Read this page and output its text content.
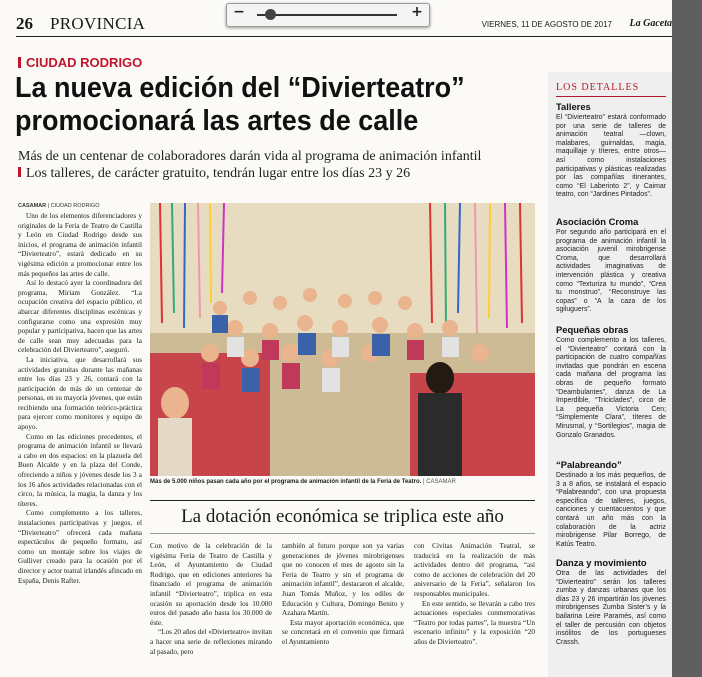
26 PROVINCIA	VIERNES, 11 DE AGOSTO DE 2017 La Gaceta
CIUDAD RODRIGO
La nueva edición del “Divierteatro” promocionará las artes de calle
Más de un centenar de colaboradores darán vida al programa de animación infantil
Los talleres, de carácter gratuito, tendrán lugar entre los días 23 y 26
CASAMAR | CIUDAD RODRIGO

Uno de los elementos diferenciadores y originales de la Feria de Teatro de Castilla y León en Ciudad Rodrigo desde sus inicios, el programa de animación infantil “Divierteatro”, estará dedicado en su vigésima edición a promocionar entre los más pequeños las artes de calle.

Así lo destacó ayer la coordinadora del programa, Miriam González. “La ocupación creativa del espacio público, el abarcar diferentes disciplinas escénicas y configurarse como una expresión muy popular y participativa, hacen que las artes de calle sean muy adecuadas para la celebración del Divierteatro”, aseguró.

La iniciativa, que desarrollará sus actividades gratuitas durante las mañanas entre los días 23 y 26, contará con la participación de más de un centenar de personas, en su mayoría jóvenes, que están recibiendo una formación teórico-práctica para ejercer como monitores y equipo de apoyo.

Como en las ediciones precedentes, el programa de animación infantil se llevará a cabo en dos espacios: en la plazuela del Buen Alcalde y en la plaza del Conde, ofreciendo a niños y jóvenes desde los 3 a los 16 años actividades relacionadas con el circo, la música, la magia, la danza y los títeres.

Como complemento a los talleres, instalaciones participativas y juegos, el “Divierteatro” ofrecerá cada mañana espectáculos de pequeño formato, así como un montaje sobre los viajes de Gulliver creado para la ocasión por el director y actor teatral irlandés afincado en España, Denis Rafter.

Más de 5.000 niños pasan cada año por el programa de animación infantil de la Feria de Teatro. | CASAMAR
La dotación económica se triplica este año

Con motivo de la celebración de la vigésima Feria de Teatro de Castilla y León, el Ayuntamiento de Ciudad Rodrigo, que en ediciones anteriores ha financiado el programa de animación infantil “Divierteatro”, triplica en esta ocasión su aportación desde los 10.000 euros del pasado año hasta los 30.000 de éste.

“Los 20 años del «Divierteatro» invitan a hacer una serie de reflexiones mirando al pasado, pero

también al futuro porque son ya varias generaciones de jóvenes mirobrigenses que no conocen el mes de agosto sin la Feria de Teatro y sin el programa de animación infantil”, destacaron el alcalde, Juan Tomás Muñoz, y los ediles de Educación y Cultura, Domingo Benito y Azahara Martín.

Esta mayor aportación económica, que se concretará en el convenio que firmará el Ayuntamiento

con Civitas Animación Teatral, se traducirá en la realización de más actividades dentro del programa, “así como de acciones de celebración del 20 aniversario de la Feria”, señalaron los responsables municipales.

En este sentido, se llevarán a cabo tres actuaciones especiales conmemorativas “Teatro por todas partes”, la muestra “Un escenario infinito” y la exposición “20 años de Divierteatro”.

LOS DETALLES
Talleres
El “Divierteatro” estará conformado por una serie de talleres de animación teatral —clown, malabares, guirnaldas, magia, maquillaje y títeres, entre otros— así como instalaciones participativas y plásticas realizadas por las compañías itinerantes, como “El Laberinto 2”, y Caimar teatro, con “Jardines Pintados”.
Asociación Croma
Por segundo año participará en el programa de animación infantil la asociación juvenil mirobrigense Croma, que desarrollará actividades imaginativas de intervención plástica y creativa como “Texturiza tu mundo”, “Crea tu monstruo”, “Reconstruye las copas” o “A la caza de los sgiluguers”.
Pequeñas obras
Como complemento a los talleres, el “Divierteatro” contará con la participación de cuatro compañías invitadas que pondrán en escena cada mañana del programa las obras de pequeño formato “Deambulantes”, danza de La Imperdible, “Triciclades”, circo de La pequeña Victoria Cen; “Simplemente Clara”, títeres de Mirusmal, y “Sortilegios”, magia de Gonzalo Granados.
“Palabreando”
Destinado a los más pequeños, de 3 a 8 años, se instalará el espacio “Palabreando”, con una propuesta específica de talleres, juegos, canciones y cuentacuentos y que contará un año más con la colaboración de la actriz mirobrigense Pilar Borrego, de Katús Teatro.
Danza y movimiento
Otra de las actividades del “Divierteatro” serán los talleres zumba y danzas urbanas que los días 23 y 26 impartirán los jóvenes mirobrigenses Zumba Sister’s y la bailarina Leire Paramés, así como el taller de percusión con objetos insólitos de los portugueses Crassh.
−	+
